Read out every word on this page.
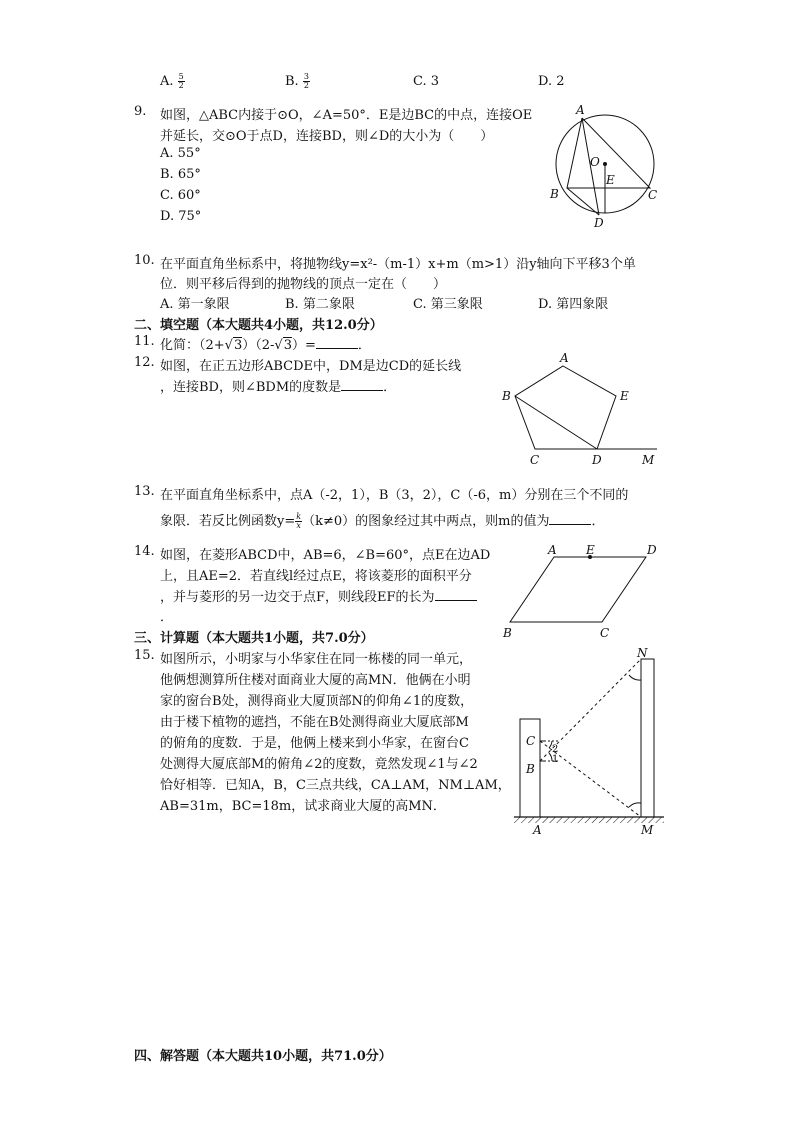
A. $\frac{5}{2}$	B. $\frac{3}{2}$	C. 3	D. 2
9. 如图，△ABC内接于⊙O，∠A=50°．E是边BC的中点，连接OE
并延长，交⊙O于点D，连接BD，则∠D的大小为（　　）
A. 55°
B. 65°
C. 60°
D. 75°
A
O
E
B	C
D
10. 在平面直角坐标系中，将抛物线y=x²-（m-1）x+m（m>1）沿y轴向下平移3个单
位．则平移后得到的抛物线的顶点一定在（　　）
A. 第一象限	B. 第二象限	C. 第三象限	D. 第四象限
二、填空题（本大题共4小题，共12.0分）
11. 化简：（2+√3）（2-√3）=	．
12. 如图，在正五边形ABCDE中，DM是边CD的延长线
，连接BD，则∠BDM的度数是	．
A
B	E
C	D	M
13. 在平面直角坐标系中，点A（-2，1），B（3，2），C（-6，m）分别在三个不同的
象限．若反比例函数$y= \frac{k}{x} (k\ne 0)$的图象经过其中两点，则m的值为	．
14. 如图，在菱形ABCD中，AB=6，∠B=60°，点E在边AD
上，且AE=2．若直线l经过点E，将该菱形的面积平分
，并与菱形的另一边交于点F，则线段EF的长为
．
A E	D
B	C
三、计算题（本大题共1小题，共7.0分）
15. 如图所示，小明家与小华家住在同一栋楼的同一单元，
他俩想测算所住楼对面商业大厦的高MN．他俩在小明
家的窗台B处，测得商业大厦顶部N的仰角∠1的度数，
由于楼下植物的遮挡，不能在B处测得商业大厦底部M
的俯角的度数．于是，他俩上楼来到小华家，在窗台C
处测得大厦底部M的俯角∠2的度数，竟然发现∠1与∠2
恰好相等．已知A，B，C三点共线，CA⊥AM，NM⊥AM，
AB=31m，BC=18m，试求商业大厦的高MN．
N
C
B
A	M
2
1
四、解答题（本大题共10小题，共71.0分）
